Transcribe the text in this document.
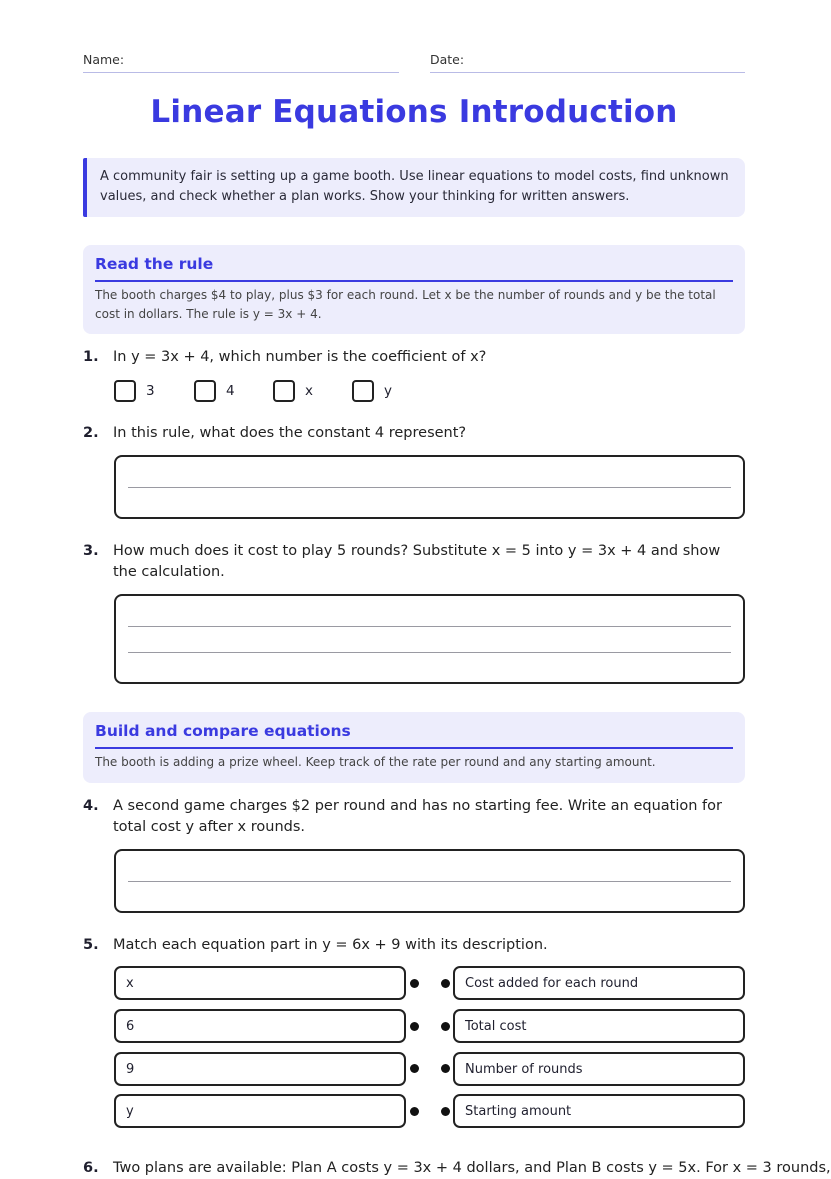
Name:	Date:
Linear Equations Introduction
A community fair is setting up a game booth. Use linear equations to model costs, find unknown values, and check whether a plan works. Show your thinking for written answers.
Read the rule
The booth charges $4 to play, plus $3 for each round. Let x be the number of rounds and y be the total cost in dollars. The rule is y = 3x + 4.
1. In y = 3x + 4, which number is the coefficient of x?
3	4	x	y
2. In this rule, what does the constant 4 represent?
3. How much does it cost to play 5 rounds? Substitute x = 5 into y = 3x + 4 and show the calculation.
Build and compare equations
The booth is adding a prize wheel. Keep track of the rate per round and any starting amount.
4. A second game charges $2 per round and has no starting fee. Write an equation for total cost y after x rounds.
5. Match each equation part in y = 6x + 9 with its description.
x	Cost added for each round
6	Total cost
9	Number of rounds
y	Starting amount
6. Two plans are available: Plan A costs y = 3x + 4 dollars, and Plan B costs y = 5x. For x = 3 rounds,
